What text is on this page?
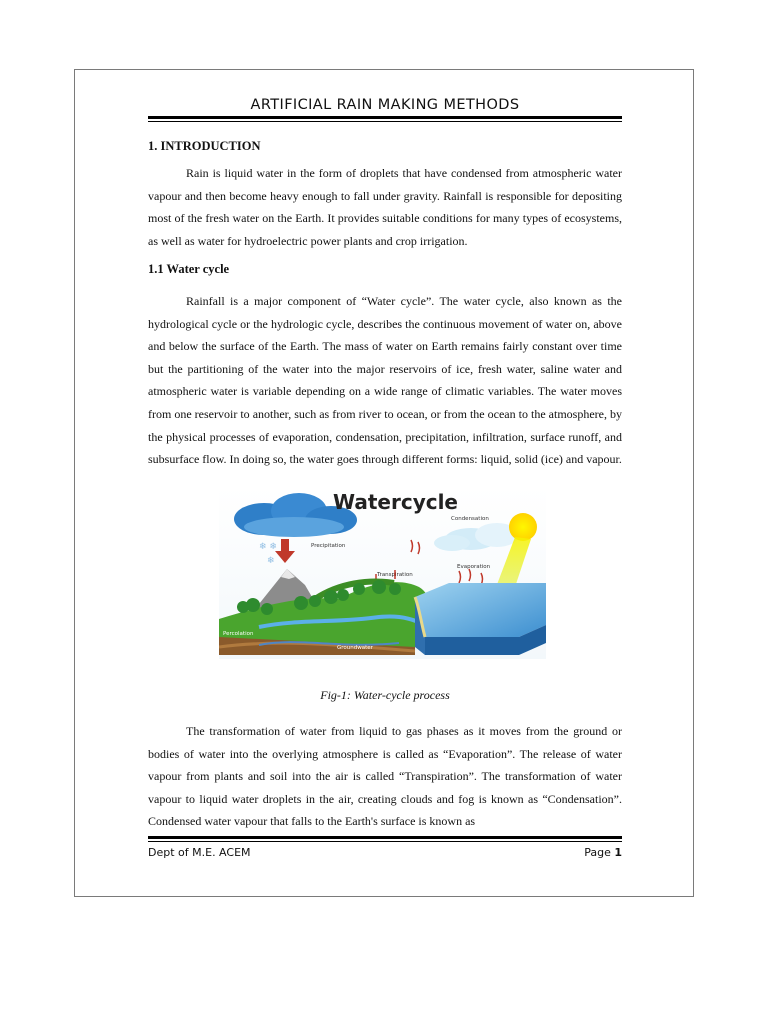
ARTIFICIAL RAIN MAKING METHODS
1. INTRODUCTION

Rain is liquid water in the form of droplets that have condensed from atmospheric water vapour and then become heavy enough to fall under gravity. Rainfall is responsible for depositing most of the fresh water on the Earth. It provides suitable conditions for many types of ecosystems, as well as water for hydroelectric power plants and crop irrigation.

1.1 Water cycle

Rainfall is a major component of “Water cycle”. The water cycle, also known as the hydrological cycle or the hydrologic cycle, describes the continuous movement of water on, above and below the surface of the Earth. The mass of water on Earth remains fairly constant over time but the partitioning of the water into the major reservoirs of ice, fresh water, saline water and atmospheric water is variable depending on a wide range of climatic variables. The water moves from one reservoir to another, such as from river to ocean, or from the ocean to the atmosphere, by the physical processes of evaporation, condensation, precipitation, infiltration, surface runoff, and subsurface flow. In doing so, the water goes through different forms: liquid, solid (ice) and vapour.

❄ ❄
❄
Watercycle
Condensation
Precipitation
Transpiration
Evaporation
Percolation
Groundwater
Fig-1: Water-cycle process

The transformation of water from liquid to gas phases as it moves from the ground or bodies of water into the overlying atmosphere is called as “Evaporation”. The release of water vapour from plants and soil into the air is called “Transpiration”. The transformation of water vapour to liquid water droplets in the air, creating clouds and fog is known as “Condensation”. Condensed water vapour that falls to the Earth's surface is known as

Dept of M.E. ACEM	Page 1
